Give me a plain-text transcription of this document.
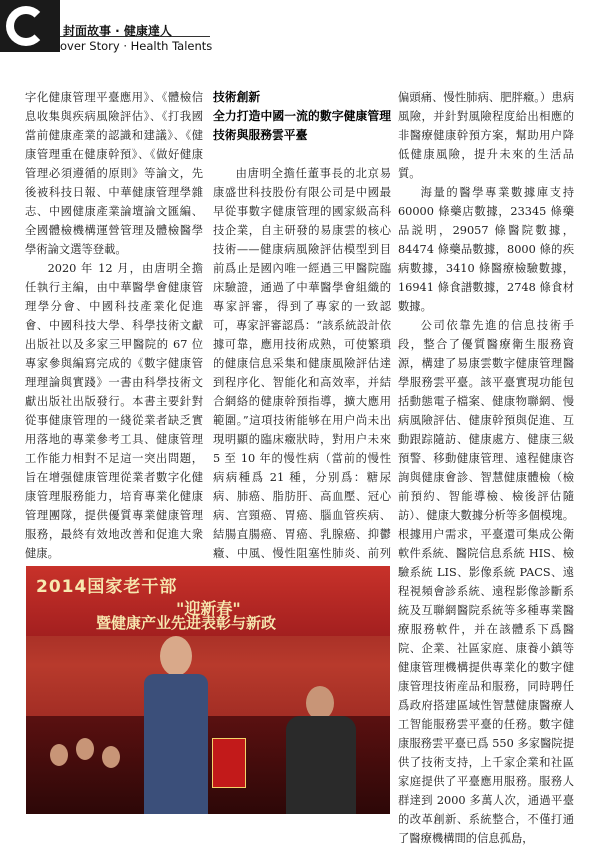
封面故事 · 健康達人
over Story · Health Talents

字化健康管理平臺應用》、《體檢信息收集與疾病風險評估》、《打我國當前健康產業的認識和建議》、《健康管理重在健康幹預》、《做好健康管理必須遵循的原則》等論文，先後被科技日報、中華健康管理學雜志、中國健康產業論壇論文匯編、全國體檢機構運營管理及體檢醫學學術論文選等登載。

2020 年 12 月，由唐明全擔任執行主編，由中華醫學會健康管理學分會、中國科技產業化促進會、中國科技大學、科學技術文獻出版社以及多家三甲醫院的 67 位專家參與編寫完成的《數字健康管理理論與實踐》一書由科學技術文獻出版社出版發行。本書主要針對從事健康管理的一綫從業者缺乏實用落地的專業參考工具、健康管理工作能力相對不足這一突出問題，旨在增强健康管理從業者數字化健康管理服務能力，培育專業化健康管理團隊，提供優質專業健康管理服務，最終有效地改善和促進大衆健康。

技術創新
全力打造中國一流的數字健康管理技術與服務雲平臺

由唐明全擔任董事長的北京易康盛世科技股份有限公司是中國最早從事數字健康管理的國家級高科技企業，自主研發的易康雲的核心技術——健康病風險評估模型到目前爲止是國內唯一經過三甲醫院臨床驗證，通過了中華醫學會組織的專家評審，得到了專家的一致認可，專家評審認爲：“該系統設計依據可靠，應用技術成熟，可使繁瑣的健康信息采集和健康風險評估達到程序化、智能化和高效率，并結合網絡的健康幹預指導，擴大應用範圍。”這項技術能够在用户尚未出現明顯的臨床癥狀時，對用户未來 5 至 10 年的慢性病（當前的慢性病病種爲 21 種，分别爲：糖尿病、肺癌、脂肪肝、高血壓、冠心病、宫頸癌、胃癌、腦血管疾病、結腸直腸癌、胃癌、乳腺癌、抑鬱癥、中風、慢性阻塞性肺炎、前列

偏頭痛、慢性肺病、肥胖癥。）患病風險，并針對風險程度給出相應的非醫療健康幹預方案，幫助用户降低健康風險，提升未來的生活品質。

海量的醫學專業數據庫支持 60000 條藥店數據，23345 條藥品説明，29057 條醫院數據，84474 條藥品數據，8000 條的疾病數據，3410 條醫療檢驗數據，16941 條食譜數據，2748 條食材數據。

公司依靠先進的信息技術手段，整合了優質醫療衛生服務資源，構建了易康雲數字健康管理醫學服務雲平臺。該平臺實現功能包括動態電子檔案、健康物聯網、慢病風險評估、健康幹預與促進、互動跟踪隨訪、健康處方、健康三級預警、移動健康管理、遠程健康咨詢與健康會診、智慧健康體檢（檢前預約、智能導檢、檢後評估隨訪）、健康大數據分析等多個模塊。根據用户需求，平臺還可集成公衛軟件系統、醫院信息系統 HIS、檢驗系統 LIS、影像系統 PACS、遠程視頻會診系統、遠程影像診斷系統及互聯網醫院系統等多種專業醫療服務軟件，并在該體系下爲醫院、企業、社區家庭、康養小鎮等健康管理機構提供專業化的數字健康管理技術産品和服務，同時聘任爲政府搭建區域性智慧健康醫療人工智能服務雲平臺的任務。數字健康服務雲平臺已爲 550 多家醫院提供了技術支持，上千家企業和社區家庭提供了平臺應用服務。服務人群達到 2000 多萬人次，通過平臺的改革創新、系統整合，不僅打通了醫療機構間的信息孤島，

2014国家老干部
"迎新春"
暨健康产业先进表彰与新政
